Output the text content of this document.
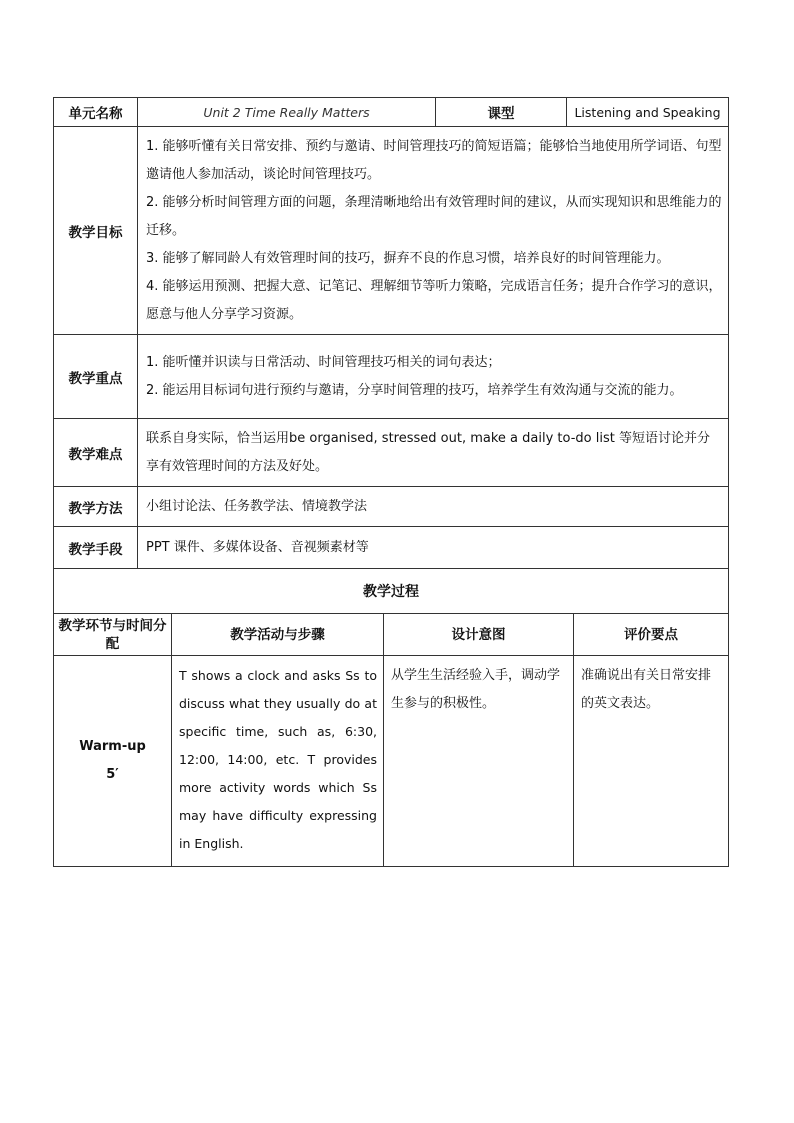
单元名称	Unit 2 Time Really Matters	课型	Listening and Speaking
教学目标	1. 能够听懂有关日常安排、预约与邀请、时间管理技巧的简短语篇；能够恰当地使用所学词语、句型邀请他人参加活动，谈论时间管理技巧。

2. 能够分析时间管理方面的问题，条理清晰地给出有效管理时间的建议，从而实现知识和思维能力的迁移。

3. 能够了解同龄人有效管理时间的技巧，摒弃不良的作息习惯，培养良好的时间管理能力。

4. 能够运用预测、把握大意、记笔记、理解细节等听力策略，完成语言任务；提升合作学习的意识，愿意与他人分享学习资源。		

教学重点	1. 能听懂并识读与日常活动、时间管理技巧相关的词句表达；

2. 能运用目标词句进行预约与邀请，分享时间管理的技巧，培养学生有效沟通与交流的能力。		

教学难点	联系自身实际，恰当运用be organised, stressed out, make a daily to-do list 等短语讨论并分享有效管理时间的方法及好处。		
教学方法	小组讨论法、任务教学法、情境教学法		
教学手段	PPT 课件、多媒体设备、音视频素材等		
教学过程			
教学环节与时间分配	教学活动与步骤	设计意图	评价要点

Warm-up
5′	T shows a clock and asks Ss to discuss what they usually do at specific time, such as, 6:30, 12:00, 14:00, etc. T provides more activity words which Ss may have difficulty expressing in English.	从学生生活经验入手，调动学生参与的积极性。	准确说出有关日常安排的英文表达。
